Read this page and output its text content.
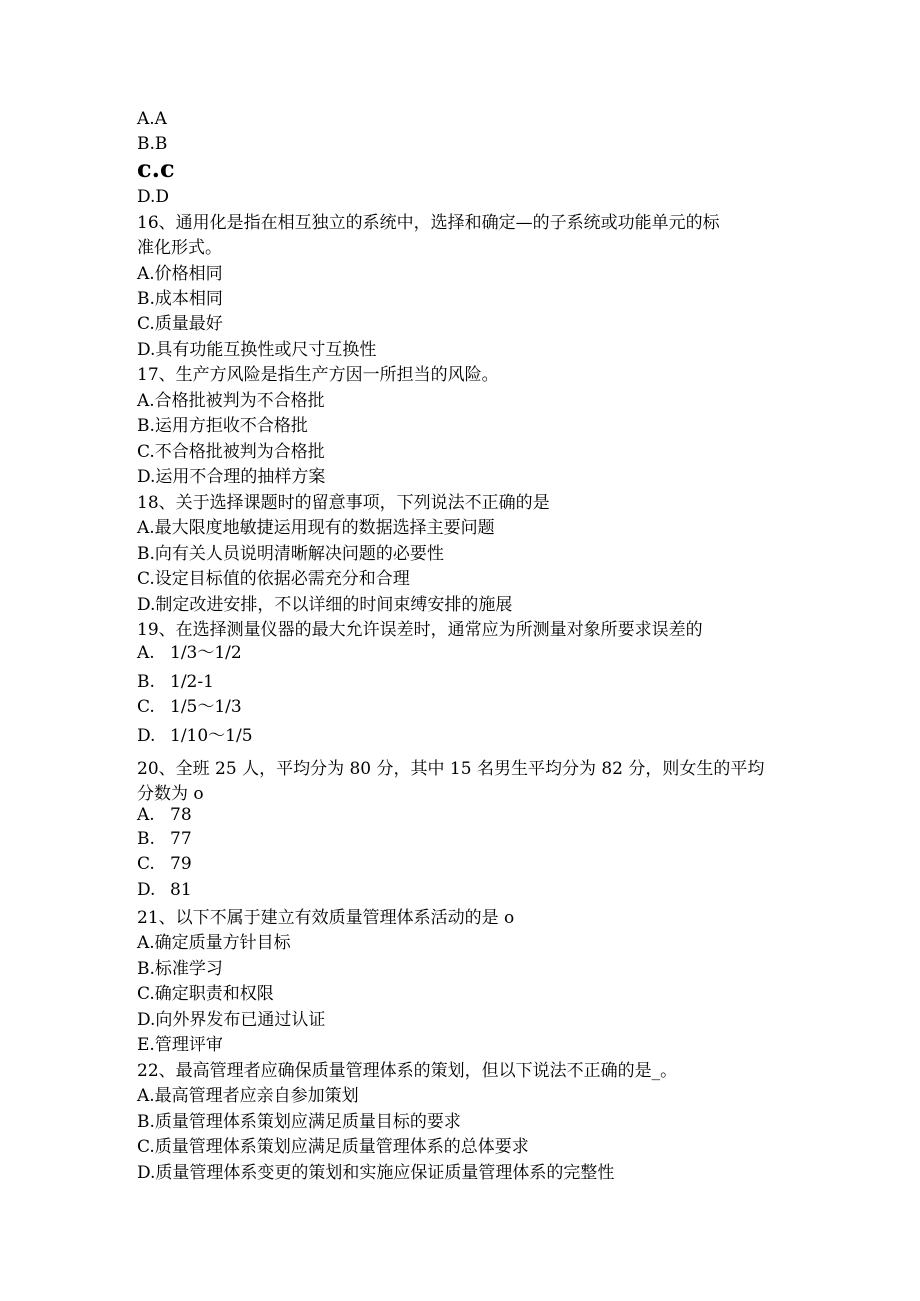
A.A
B.B
c.c
D.D
16、通用化是指在相互独立的系统中，选择和确定—的子系统或功能单元的标
准化形式。
A.价格相同
B.成本相同
C.质量最好
D.具有功能互换性或尺寸互换性
17、生产方风险是指生产方因一所担当的风险。
A.合格批被判为不合格批
B.运用方拒收不合格批
C.不合格批被判为合格批
D.运用不合理的抽样方案
18、关于选择课题时的留意事项，下列说法不正确的是
A.最大限度地敏捷运用现有的数据选择主要问题
B.向有关人员说明清晰解决问题的必要性
C.设定目标值的依据必需充分和合理
D.制定改进安排，不以详细的时间束缚安排的施展
19、在选择测量仪器的最大允许误差时，通常应为所测量对象所要求误差的
A. 1/3～1/2
B. 1/2-1
C. 1/5～1/3
D. 1/10～1/5
20、全班 25 人，平均分为 80 分，其中 15 名男生平均分为 82 分，则女生的平均
分数为 o
A. 78
B. 77
C. 79
D. 81
21、以下不属于建立有效质量管理体系活动的是 o
A.确定质量方针目标
B.标准学习
C.确定职责和权限
D.向外界发布已通过认证
E.管理评审
22、最高管理者应确保质量管理体系的策划，但以下说法不正确的是_。
A.最高管理者应亲自参加策划
B.质量管理体系策划应满足质量目标的要求
C.质量管理体系策划应满足质量管理体系的总体要求
D.质量管理体系变更的策划和实施应保证质量管理体系的完整性
